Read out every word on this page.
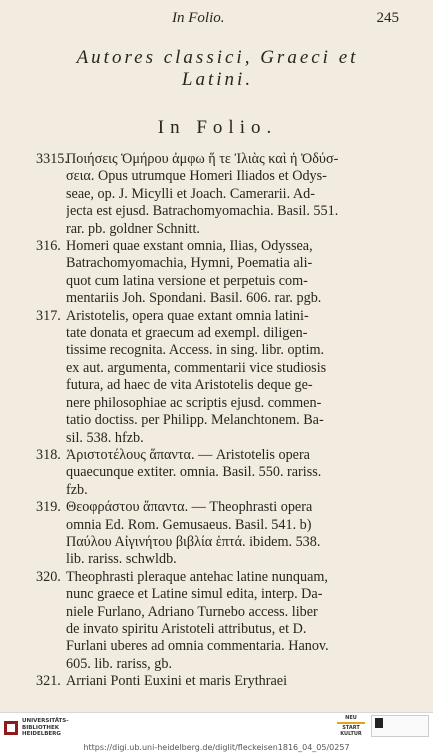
In Folio.	245
Autores classici, Graeci et
Latini.
In Folio.
3315.
Ποιήσεις Ὁμήρου ἀμφω ἥ τε Ἰλιὰς καὶ ἡ Ὀδύσ-
σεια. Opus utrumque Homeri Iliados et Odys-
seae, op. J. Micylli et Joach. Camerarii. Ad-
jecta est ejusd. Batrachomyomachia. Basil. 551.
rar. pb. goldner Schnitt.
316. Homeri quae exstant omnia, Ilias, Odyssea,
Batrachomyomachia, Hymni, Poematia ali-
quot cum latina versione et perpetuis com-
mentariis Joh. Spondani. Basil. 606. rar. pgb.
317. Aristotelis, opera quae extant omnia latini-
tate donata et graecum ad exempl. diligen-
tissime recognita. Access. in sing. libr. optim.
ex aut. argumenta, commentarii vice studiosis
futura, ad haec de vita Aristotelis deque ge-
nere philosophiae ac scriptis ejusd. commen-
tatio doctiss. per Philipp. Melanchtonem. Ba-
sil. 538. hfzb.
318. Ἀριστοτέλους ἅπαντα. — Aristotelis opera
quaecunque extiter. omnia. Basil. 550. rariss.
fzb.
319. Θεοφράστου ἅπαντα. — Theophrasti opera
omnia Ed. Rom. Gemusaeus. Basil. 541. b)
Παύλου Αἰγινήτου βιβλία ἑπτά. ibidem. 538.
lib. rariss. schwldb.
320. Theophrasti pleraque antehac latine nunquam,
nunc graece et Latine simul edita, interp. Da-
niele Furlano, Adriano Turnebo access. liber
de invato spiritu Aristoteli attributus, et D.
Furlani uberes ad omnia commentaria. Hanov.
605. lib. rariss, gb.
321. Arriani Ponti Euxini et maris Erythraei
UNIVERSITÄTS-
BIBLIOTHEK
HEIDELBERG
NEU
START
KULTUR
https://digi.ub.uni-heidelberg.de/diglit/fleckeisen1816_04_05/0257
